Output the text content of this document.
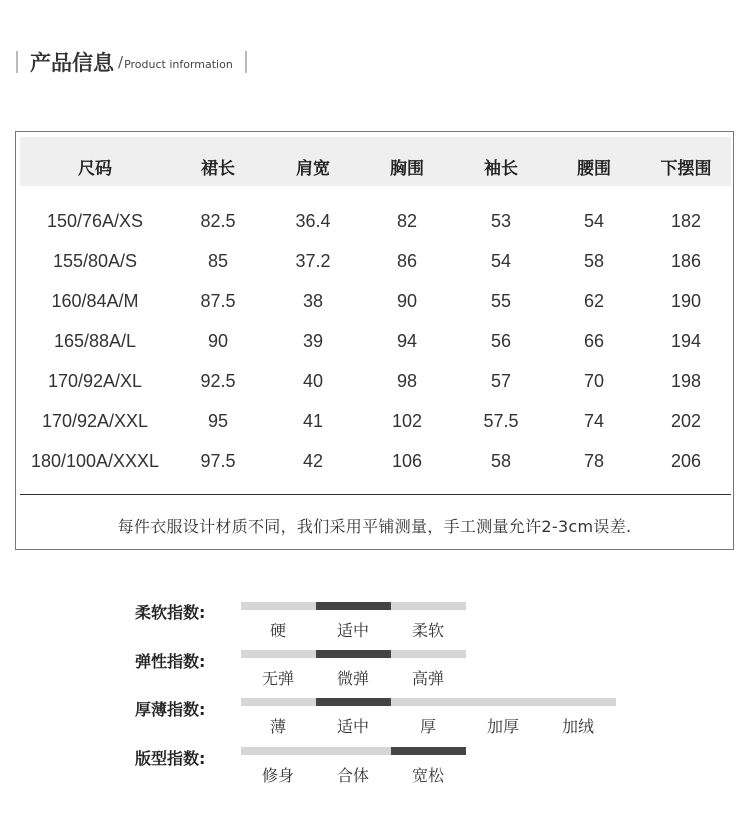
产品信息 / Product information
尺码	裙长	肩宽	胸围	袖长	腰围	下摆围
150/76A/XS	82.5	36.4	82	53	54	182
155/80A/S	85	37.2	86	54	58	186
160/84A/M	87.5	38	90	55	62	190
165/88A/L	90	39	94	56	66	194
170/92A/XL	92.5	40	98	57	70	198
170/92A/XXL	95	41	102	57.5	74	202
180/100A/XXXL	97.5	42	106	58	78	206
每件衣服设计材质不同，我们采用平铺测量，手工测量允许2-3cm误差.
柔软指数:
硬	适中	柔软
弹性指数:
无弹	微弹	高弹
厚薄指数:
薄	适中	厚	加厚	加绒
版型指数:
修身	合体	宽松
